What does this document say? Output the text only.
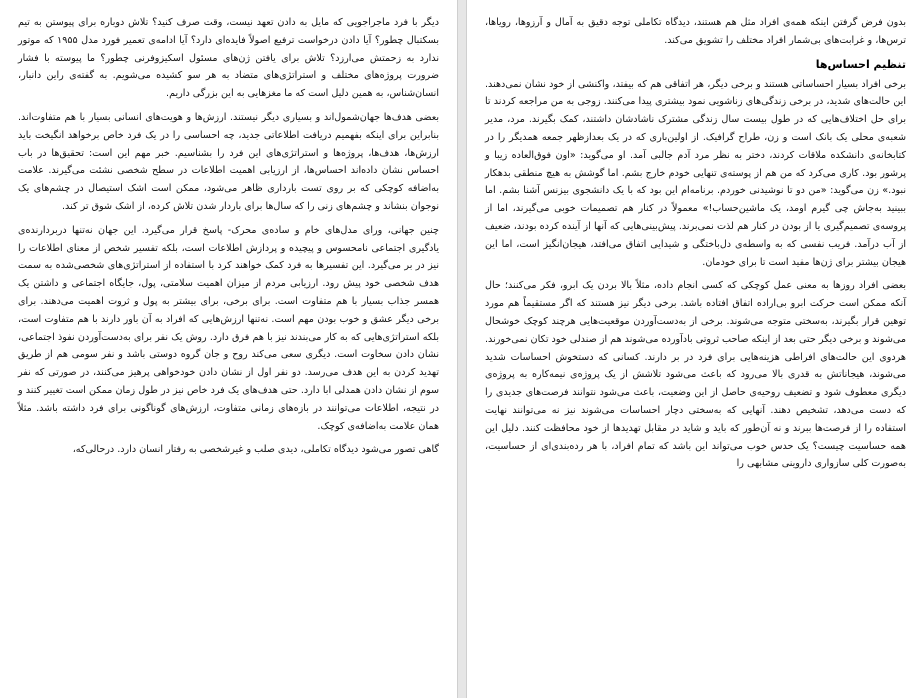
دیگر با فرد ماجراجویی که مایل به دادن تعهد نیست، وقت صرف کنید؟ تلاش دوباره برای پیوستن به تیم بسکتبال چطور؟ آیا دادن درخواست ترفیع اصولاً فایده‌ای دارد؟ آیا ادامه‌ی تعمیر فورد مدل ۱۹۵۵ که موتور ندارد به زحمتش می‌ارزد؟ تلاش برای یافتن ژن‌های مسئول اسکیزوفرنی چطور؟ ما پیوسته با فشار ضرورت پروژه‌های مختلف و استراتژی‌های متضاد به هر سو کشیده می‌شویم. به گفته‌ی راین دانبار، انسان‌شناس، به همین دلیل است که ما مغزهایی به این بزرگی داریم.

بعضی هدف‌ها جهان‌شمول‌اند و بسیاری دیگر نیستند. ارزش‌ها و هویت‌های انسانی بسیار با هم متفاوت‌اند. بنابراین برای اینکه بفهمیم دریافت اطلاعاتی جدید، چه احساسی را در یک فرد خاص برخواهد انگیخت باید ارزش‌ها، هدف‌ها، پروژه‌ها و استراتژی‌های این فرد را بشناسیم. خبر مهم این است: تحقیق‌ها در باب احساس نشان داده‌اند احساس‌ها، از ارزیابی اهمیت اطلاعات در سطح شخصی نشئت می‌گیرند. علامت به‌اضافه کوچکی که بر روی تست بارداری ظاهر می‌شود، ممکن است اشک استیصال در چشم‌های یک نوجوان بنشاند و چشم‌های زنی را که سال‌ها برای باردار شدن تلاش کرده، از اشک شوق تر کند.

چنین جهانی، ورای مدل‌های خام و ساده‌ی محرک- پاسخ قرار می‌گیرد. این جهان نه‌تنها دربردارنده‌ی یادگیری اجتماعی نامحسوس و پیچیده و پردازش اطلاعات است، بلکه تفسیر شخص از معنای اطلاعات را نیز در بر می‌گیرد. این تفسیرها به فرد کمک خواهند کرد با استفاده از استراتژی‌های شخصی‌شده به سمت هدف شخصی خود پیش رود. ارزیابی مردم از میزان اهمیت سلامتی، پول، جایگاه اجتماعی و داشتن یک همسر جذاب بسیار با هم متفاوت است. برای برخی، برای بیشتر به پول و ثروت اهمیت می‌دهند. برای برخی دیگر عشق و خوب بودن مهم است. نه‌تنها ارزش‌هایی که افراد به آن باور دارند با هم متفاوت است، بلکه استراتژی‌هایی که به کار می‌بندند نیز با هم فرق دارد. روش یک نفر برای به‌دست‌آوردن نفوذ اجتماعی، نشان دادن سخاوت است. دیگری سعی می‌کند روح و جان گروه دوستی باشد و نفر سومی هم از طریق تهدید کردن به این هدف می‌رسد. دو نفر اول از نشان دادن خودخواهی پرهیز می‌کنند، در صورتی که نفر سوم از نشان دادن همدلی ابا دارد. حتی هدف‌های یک فرد خاص نیز در طول زمان ممکن است تغییر کنند و در نتیجه، اطلاعات می‌توانند در بازه‌های زمانی متفاوت، ارزش‌های گوناگونی برای فرد داشته باشد. مثلاً همان علامت به‌اضافه‌ی کوچک.

گاهی تصور می‌شود دیدگاه تکاملی، دیدی صلب و غیرشخصی به رفتار انسان دارد. درحالی‌که،

بدون فرض گرفتن اینکه همه‌ی افراد مثل هم هستند، دیدگاه تکاملی توجه دقیق به آمال و آرزوها، رویاها، ترس‌ها، و غرابت‌های بی‌شمار افراد مختلف را تشویق می‌کند.

تنظیم احساس‌ها

برخی افراد بسیار احساساتی هستند و برخی دیگر، هر اتفاقی هم که بیفتد، واکنشی از خود نشان نمی‌دهند. این حالت‌های شدید، در برخی زندگی‌های زناشویی نمود بیشتری پیدا می‌کنند. زوجی به من مراجعه کردند تا برای حل اختلاف‌هایی که در طول بیست سال زندگی مشترک ناشادشان داشتند، کمک بگیرند. مرد، مدیر شعبه‌ی محلی یک بانک است و زن، طراح گرافیک. از اولین‌باری که در یک بعدازظهر جمعه همدیگر را در کتابخانه‌ی دانشکده ملاقات کردند، دختر به نظر مرد آدم جالبی آمد. او می‌گوید: «اون فوق‌العاده زیبا و پرشور بود. کاری می‌کرد که من هم از پوسته‌ی تنهایی خودم خارج بشم. اما گوشش به هیچ منطقی بدهکار نبود.» زن می‌گوید: «من دو تا نوشیدنی خوردم. برنامه‌ام این بود که با یک دانشجوی بیزنس آشنا بشم. اما ببینید به‌جاش چی گیرم اومد، یک ماشین‌حساب!» معمولاً در کنار هم تصمیمات خوبی می‌گیرند، اما از پروسه‌ی تصمیم‌گیری یا از بودن در کنار هم لذت نمی‌برند. پیش‌بینی‌هایی که آنها از آینده کرده بودند، ضعیف از آب درآمد. فریب نفسی که به واسطه‌ی دل‌باختگی و شیدایی اتفاق می‌افتد، هیجان‌انگیز است، اما این هیجان بیشتر برای ژن‌ها مفید است تا برای خودمان.

بعضی افراد روزها به معنی عمل کوچکی که کسی انجام داده، مثلاً بالا بردن یک ابرو، فکر می‌کنند؛ حال آنکه ممکن است حرکت ابرو بی‌اراده اتفاق افتاده باشد. برخی دیگر نیز هستند که اگر مستقیماً هم مورد توهین قرار بگیرند، به‌سختی متوجه می‌شوند. برخی از به‌دست‌آوردن موقعیت‌هایی هرچند کوچک خوشحال می‌شوند و برخی دیگر حتی بعد از اینکه صاحب ثروتی بادآورده می‌شوند هم از صندلی خود تکان نمی‌خورند. هردوی این حالت‌های افراطی هزینه‌هایی برای فرد در بر دارند. کسانی که دستخوش احساسات شدید می‌شوند، هیجاناتش به قدری بالا می‌رود که باعث می‌شود تلاشش از یک پروژه‌ی نیمه‌کاره به پروژه‌ی دیگری معطوف شود و تضعیف روحیه‌ی حاصل از این وضعیت، باعث می‌شود نتوانند فرصت‌های جدیدی را که دست می‌دهد، تشخیص دهند. آنهایی که به‌سختی دچار احساسات می‌شوند نیز نه می‌توانند نهایت استفاده را از فرصت‌ها ببرند و نه آن‌طور که باید و شاید در مقابل تهدیدها از خود محافظت کنند. دلیل این همه حساسیت چیست؟ یک حدس خوب می‌تواند این باشد که تمام افراد، با هر رده‌بندی‌ای از حساسیت، به‌صورت کلی سازواری داروینی مشابهی را
